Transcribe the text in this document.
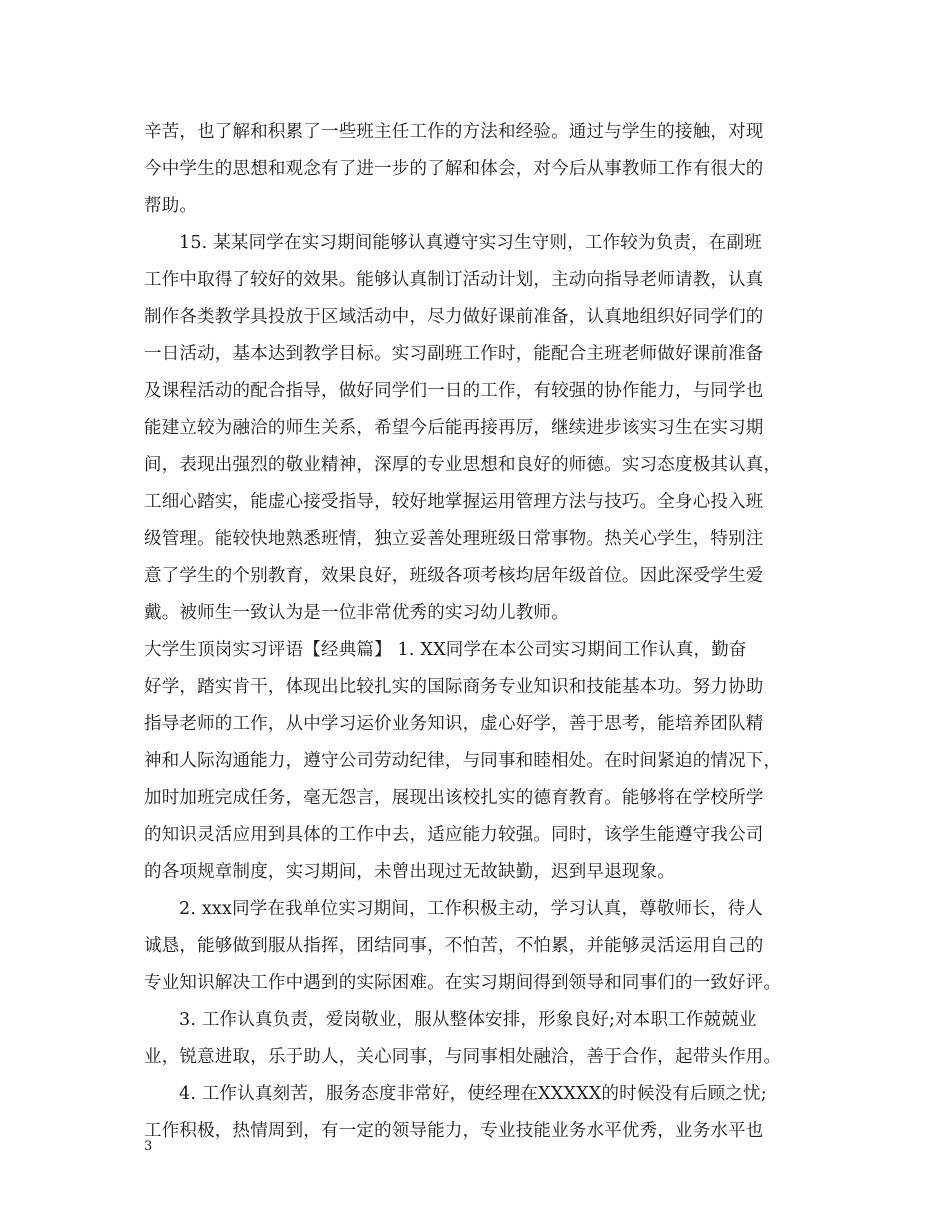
辛苦，也了解和积累了一些班主任工作的方法和经验。通过与学生的接触，对现
今中学生的思想和观念有了进一步的了解和体会，对今后从事教师工作有很大的
帮助。
15. 某某同学在实习期间能够认真遵守实习生守则，工作较为负责，在副班
工作中取得了较好的效果。能够认真制订活动计划，主动向指导老师请教，认真
制作各类教学具投放于区域活动中，尽力做好课前准备，认真地组织好同学们的
一日活动，基本达到教学目标。实习副班工作时，能配合主班老师做好课前准备
及课程活动的配合指导，做好同学们一日的工作，有较强的协作能力，与同学也
能建立较为融洽的师生关系，希望今后能再接再厉，继续进步该实习生在实习期
间，表现出强烈的敬业精神，深厚的专业思想和良好的师德。实习态度极其认真，
工细心踏实，能虚心接受指导，较好地掌握运用管理方法与技巧。全身心投入班
级管理。能较快地熟悉班情，独立妥善处理班级日常事物。热关心学生，特别注
意了学生的个别教育，效果良好，班级各项考核均居年级首位。因此深受学生爱
戴。被师生一致认为是一位非常优秀的实习幼儿教师。
大学生顶岗实习评语【经典篇】 1. XX同学在本公司实习期间工作认真，勤奋
好学，踏实肯干，体现出比较扎实的国际商务专业知识和技能基本功。努力协助
指导老师的工作，从中学习运价业务知识，虚心好学，善于思考，能培养团队精
神和人际沟通能力，遵守公司劳动纪律，与同事和睦相处。在时间紧迫的情况下，
加时加班完成任务，毫无怨言，展现出该校扎实的德育教育。能够将在学校所学
的知识灵活应用到具体的工作中去，适应能力较强。同时，该学生能遵守我公司
的各项规章制度，实习期间，未曾出现过无故缺勤，迟到早退现象。
2. xxx同学在我单位实习期间，工作积极主动，学习认真，尊敬师长，待人
诚恳，能够做到服从指挥，团结同事，不怕苦，不怕累，并能够灵活运用自己的
专业知识解决工作中遇到的实际困难。在实习期间得到领导和同事们的一致好评。
3. 工作认真负责，爱岗敬业，服从整体安排，形象良好;对本职工作兢兢业
业，锐意进取，乐于助人，关心同事，与同事相处融洽，善于合作，起带头作用。
4. 工作认真刻苦，服务态度非常好，使经理在XXXXX的时候没有后顾之忧;
工作积极，热情周到，有一定的领导能力，专业技能业务水平优秀，业务水平也
3
